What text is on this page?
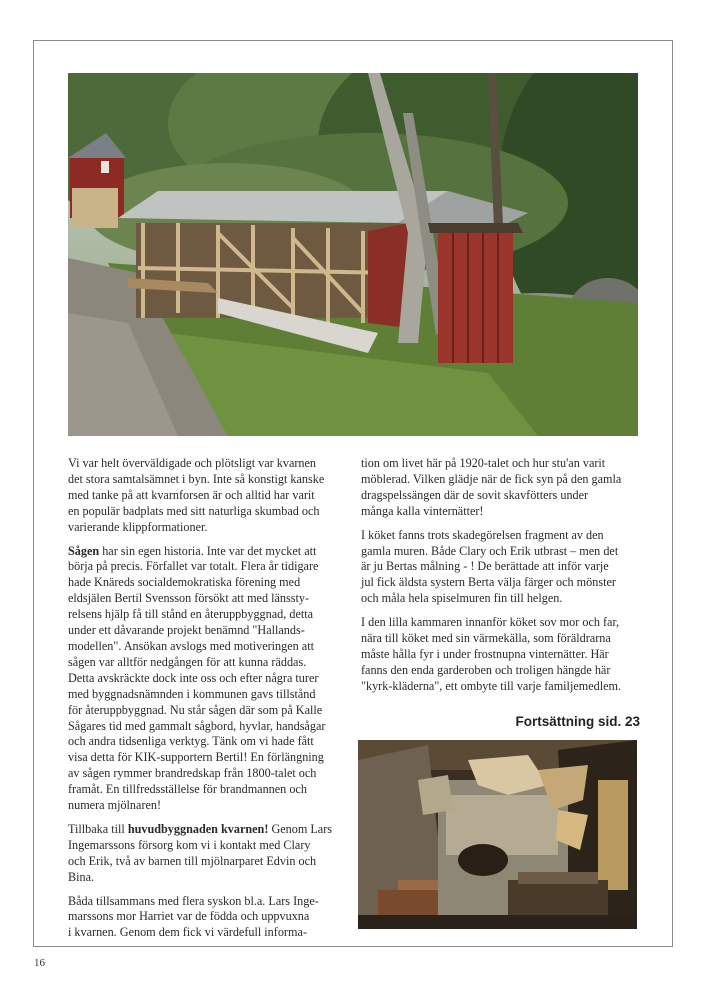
Vi var helt överväldigade och plötsligt var kvarnen
det stora samtalsämnet i byn. Inte så konstigt kanske
med tanke på att kvarnforsen är och alltid har varit
en populär badplats med sitt naturliga skumbad och
varierande klippformationer.

Sågen har sin egen historia. Inte var det mycket att
börja på precis. Förfallet var totalt. Flera år tidigare
hade Knäreds socialdemokratiska förening med
eldsjälen Bertil Svensson försökt att med länssty-
relsens hjälp få till stånd en återuppbyggnad, detta
under ett dåvarande projekt benämnd "Hallands-
modellen". Ansökan avslogs med motiveringen att
sågen var alltför nedgången för att kunna räddas.
Detta avskräckte dock inte oss och efter några turer
med byggnadsnämnden i kommunen gavs tillstånd
för återuppbyggnad. Nu står sågen där som på Kalle
Sågares tid med gammalt sågbord, hyvlar, handsågar
och andra tidsenliga verktyg. Tänk om vi hade fått
visa detta för KIK-supportern Bertil! En förlängning
av sågen rymmer brandredskap från 1800-talet och
framåt. En tillfredsställelse för brandmannen och
numera mjölnaren!

Tillbaka till huvudbyggnaden kvarnen! Genom Lars
Ingemarssons försorg kom vi i kontakt med Clary
och Erik, två av barnen till mjölnarparet Edvin och
Bina.

Båda tillsammans med flera syskon bl.a. Lars Inge-
marssons mor Harriet var de födda och uppvuxna
i kvarnen. Genom dem fick vi värdefull informa-

tion om livet här på 1920-talet och hur stu'an varit
möblerad. Vilken glädje när de fick syn på den gamla
dragspelssängen där de sovit skavfötters under
många kalla vinternätter!

I köket fanns trots skadegörelsen fragment av den
gamla muren. Både Clary och Erik utbrast – men det
är ju Bertas målning - ! De berättade att inför varje
jul fick äldsta systern Berta välja färger och mönster
och måla hela spiselmuren fin till helgen.

I den lilla kammaren innanför köket sov mor och far,
nära till köket med sin värmekälla, som föräldrarna
måste hålla fyr i under frostnupna vinternätter. Här
fanns den enda garderoben och troligen hängde här
"kyrk-kläderna", ett ombyte till varje familjemedlem.

Fortsättning sid. 23
16
